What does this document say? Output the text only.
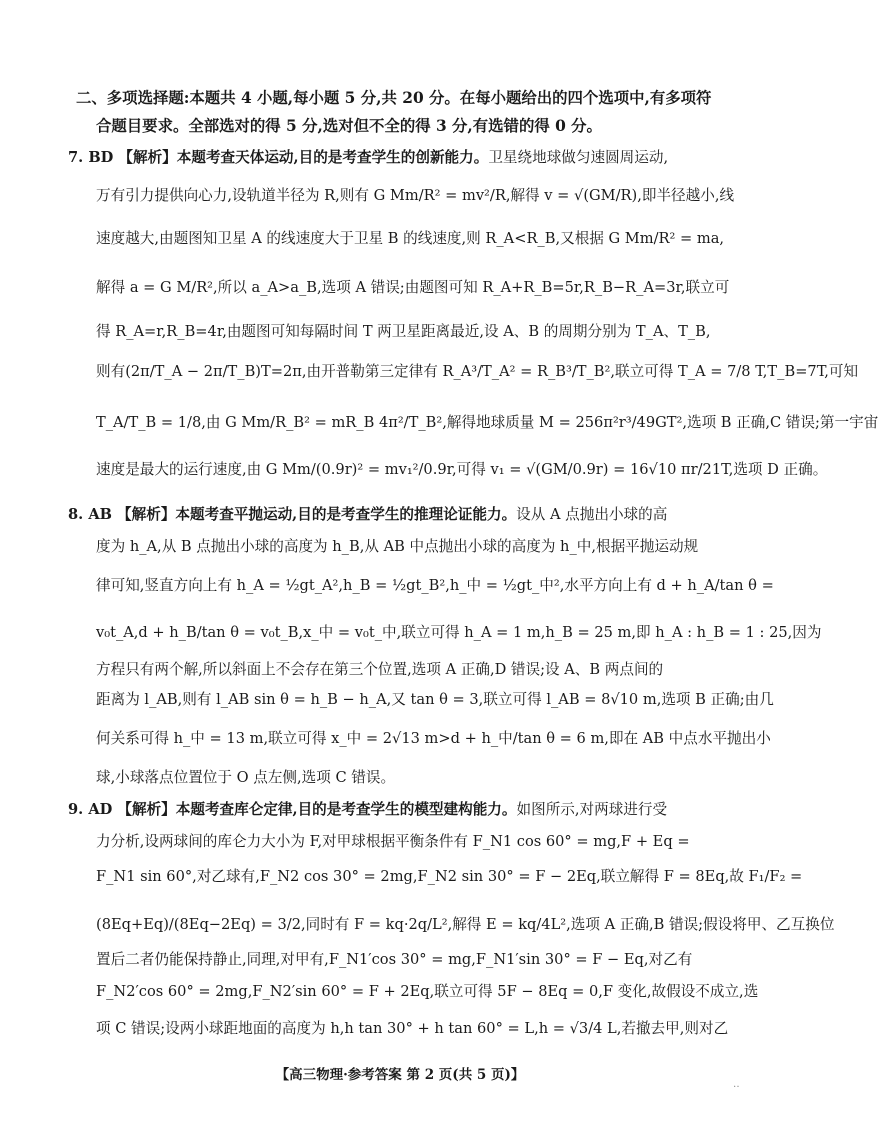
二、多项选择题:本题共 4 小题,每小题 5 分,共 20 分。在每小题给出的四个选项中,有多项符
合题目要求。全部选对的得 5 分,选对但不全的得 3 分,有选错的得 0 分。
7. BD 【解析】本题考查天体运动,目的是考查学生的创新能力。卫星绕地球做匀速圆周运动,
万有引力提供向心力,设轨道半径为 R,则有 G Mm/R² = mv²/R,解得 v = √(GM/R),即半径越小,线
速度越大,由题图知卫星 A 的线速度大于卫星 B 的线速度,则 R_A<R_B,又根据 G Mm/R² = ma,
解得 a = G M/R²,所以 a_A>a_B,选项 A 错误;由题图可知 R_A+R_B=5r,R_B−R_A=3r,联立可
得 R_A=r,R_B=4r,由题图可知每隔时间 T 两卫星距离最近,设 A、B 的周期分别为 T_A、T_B,
则有(2π/T_A − 2π/T_B)T=2π,由开普勒第三定律有 R_A³/T_A² = R_B³/T_B²,联立可得 T_A = 7/8 T,T_B=7T,可知
T_A/T_B = 1/8,由 G Mm/R_B² = mR_B 4π²/T_B²,解得地球质量 M = 256π²r³/49GT²,选项 B 正确,C 错误;第一宇宙
速度是最大的运行速度,由 G Mm/(0.9r)² = mv₁²/0.9r,可得 v₁ = √(GM/0.9r) = 16√10 πr/21T,选项 D 正确。
8. AB 【解析】本题考查平抛运动,目的是考查学生的推理论证能力。设从 A 点抛出小球的高
度为 h_A,从 B 点抛出小球的高度为 h_B,从 AB 中点抛出小球的高度为 h_中,根据平抛运动规
律可知,竖直方向上有 h_A = ½gt_A²,h_B = ½gt_B²,h_中 = ½gt_中²,水平方向上有 d + h_A/tan θ =
v₀t_A,d + h_B/tan θ = v₀t_B,x_中 = v₀t_中,联立可得 h_A = 1 m,h_B = 25 m,即 h_A : h_B = 1 : 25,因为
方程只有两个解,所以斜面上不会存在第三个位置,选项 A 正确,D 错误;设 A、B 两点间的
距离为 l_AB,则有 l_AB sin θ = h_B − h_A,又 tan θ = 3,联立可得 l_AB = 8√10 m,选项 B 正确;由几
何关系可得 h_中 = 13 m,联立可得 x_中 = 2√13 m>d + h_中/tan θ = 6 m,即在 AB 中点水平抛出小
球,小球落点位置位于 O 点左侧,选项 C 错误。
9. AD 【解析】本题考查库仑定律,目的是考查学生的模型建构能力。如图所示,对两球进行受
力分析,设两球间的库仑力大小为 F,对甲球根据平衡条件有 F_N1 cos 60° = mg,F + Eq =
F_N1 sin 60°,对乙球有,F_N2 cos 30° = 2mg,F_N2 sin 30° = F − 2Eq,联立解得 F = 8Eq,故 F₁/F₂ =
(8Eq+Eq)/(8Eq−2Eq) = 3/2,同时有 F = kq·2q/L²,解得 E = kq/4L²,选项 A 正确,B 错误;假设将甲、乙互换位
置后二者仍能保持静止,同理,对甲有,F_N1′cos 30° = mg,F_N1′sin 30° = F − Eq,对乙有
F_N2′cos 60° = 2mg,F_N2′sin 60° = F + 2Eq,联立可得 5F − 8Eq = 0,F 变化,故假设不成立,选
项 C 错误;设两小球距地面的高度为 h,h tan 30° + h tan 60° = L,h = √3/4 L,若撤去甲,则对乙
【高三物理·参考答案 第 2 页(共 5 页)】
‥
